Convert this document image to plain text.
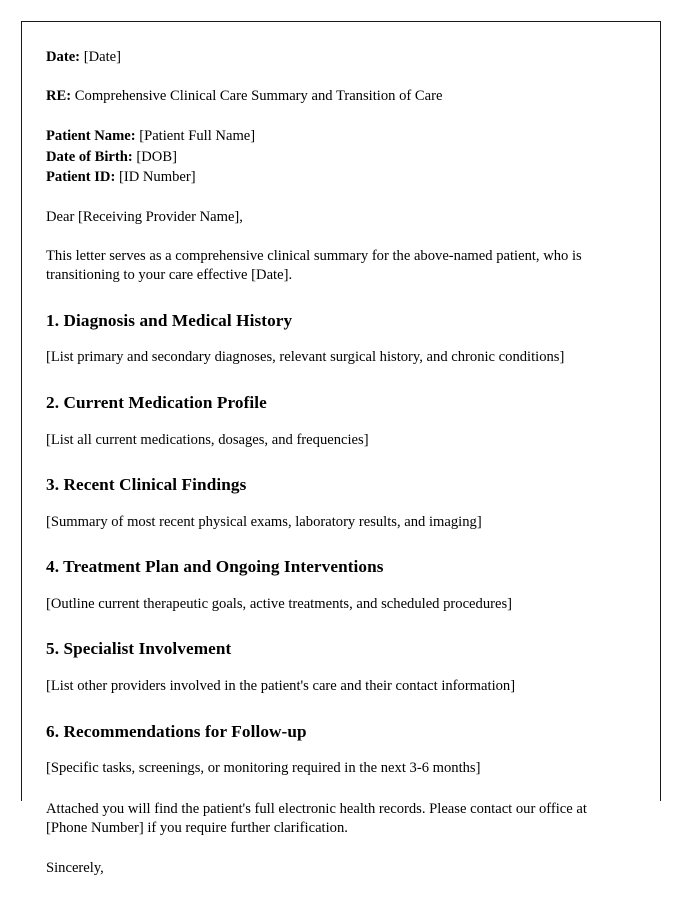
Date: [Date]

RE: Comprehensive Clinical Care Summary and Transition of Care

Patient Name: [Patient Full Name]

Date of Birth: [DOB]

Patient ID: [ID Number]

Dear [Receiving Provider Name],

This letter serves as a comprehensive clinical summary for the above-named patient, who is transitioning to your care effective [Date].

1. Diagnosis and Medical History

[List primary and secondary diagnoses, relevant surgical history, and chronic conditions]

2. Current Medication Profile

[List all current medications, dosages, and frequencies]

3. Recent Clinical Findings

[Summary of most recent physical exams, laboratory results, and imaging]

4. Treatment Plan and Ongoing Interventions

[Outline current therapeutic goals, active treatments, and scheduled procedures]

5. Specialist Involvement

[List other providers involved in the patient's care and their contact information]

6. Recommendations for Follow-up

[Specific tasks, screenings, or monitoring required in the next 3-6 months]

Attached you will find the patient's full electronic health records. Please contact our office at [Phone Number] if you require further clarification.

Sincerely,
